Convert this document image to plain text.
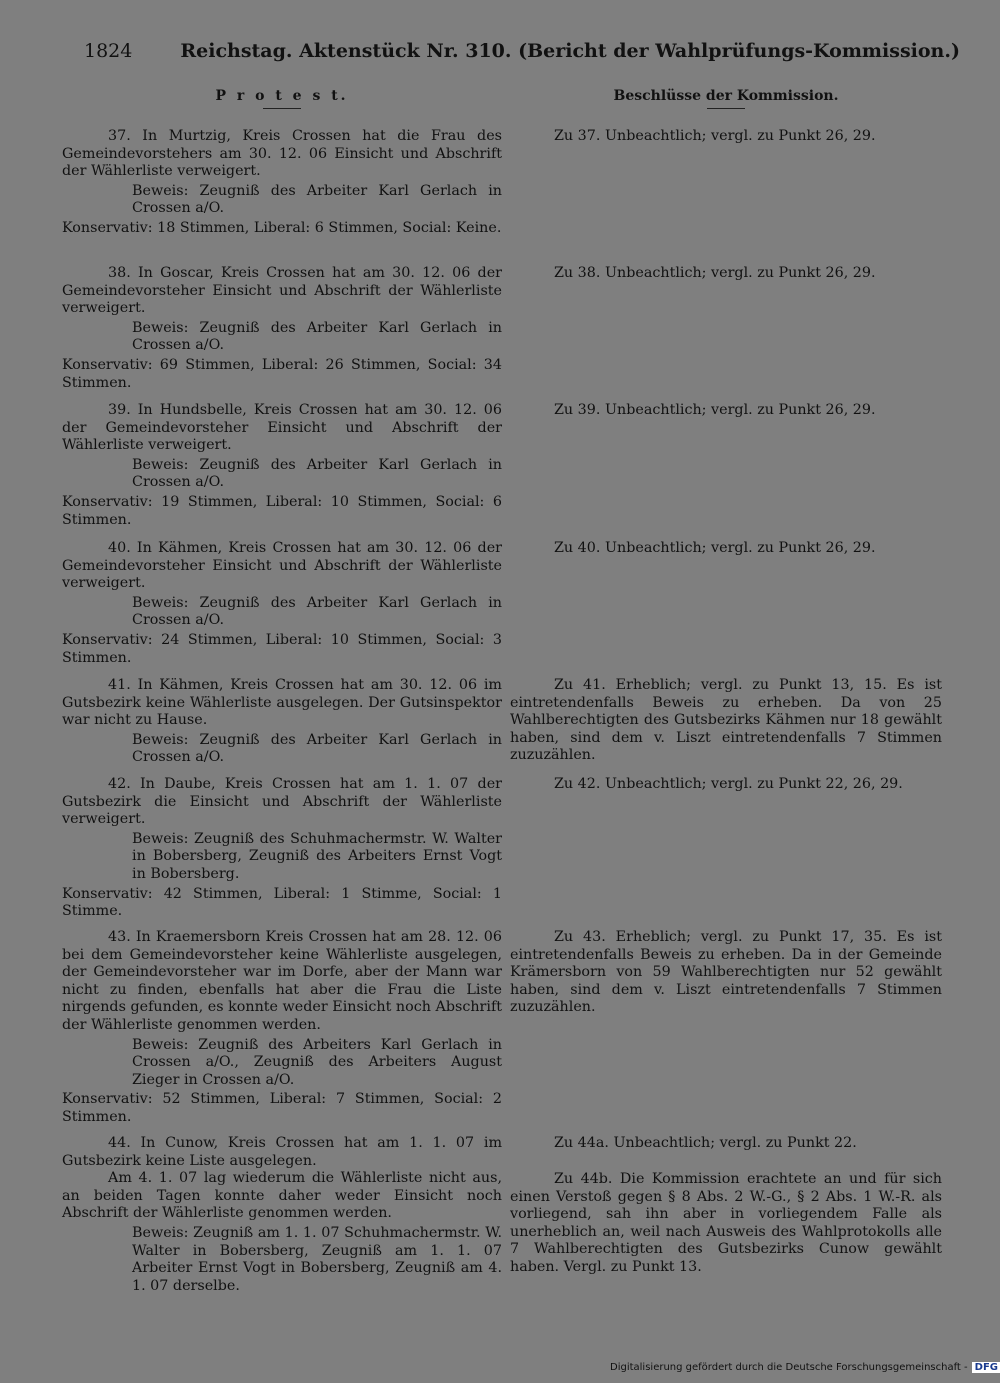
1824	Reichstag. Aktenstück Nr. 310. (Bericht der Wahlprüfungs-Kommission.)
P r o t e s t.

37. In Murtzig, Kreis Crossen hat die Frau des Gemeindevorstehers am 30. 12. 06 Einsicht und Abschrift der Wählerliste verweigert.

Beweis: Zeugniß des Arbeiter Karl Gerlach in Crossen a/O.

Konservativ: 18 Stimmen, Liberal: 6 Stimmen, Social: Keine.

38. In Goscar, Kreis Crossen hat am 30. 12. 06 der Gemeindevorsteher Einsicht und Abschrift der Wählerliste verweigert.

Beweis: Zeugniß des Arbeiter Karl Gerlach in Crossen a/O.

Konservativ: 69 Stimmen, Liberal: 26 Stimmen, Social: 34 Stimmen.

39. In Hundsbelle, Kreis Crossen hat am 30. 12. 06 der Gemeindevorsteher Einsicht und Abschrift der Wählerliste verweigert.

Beweis: Zeugniß des Arbeiter Karl Gerlach in Crossen a/O.

Konservativ: 19 Stimmen, Liberal: 10 Stimmen, Social: 6 Stimmen.

40. In Kähmen, Kreis Crossen hat am 30. 12. 06 der Gemeindevorsteher Einsicht und Abschrift der Wählerliste verweigert.

Beweis: Zeugniß des Arbeiter Karl Gerlach in Crossen a/O.

Konservativ: 24 Stimmen, Liberal: 10 Stimmen, Social: 3 Stimmen.

41. In Kähmen, Kreis Crossen hat am 30. 12. 06 im Gutsbezirk keine Wählerliste ausgelegen. Der Gutsinspektor war nicht zu Hause.

Beweis: Zeugniß des Arbeiter Karl Gerlach in Crossen a/O.

42. In Daube, Kreis Crossen hat am 1. 1. 07 der Gutsbezirk die Einsicht und Abschrift der Wählerliste verweigert.

Beweis: Zeugniß des Schuhmachermstr. W. Walter in Bobersberg, Zeugniß des Arbeiters Ernst Vogt in Bobersberg.

Konservativ: 42 Stimmen, Liberal: 1 Stimme, Social: 1 Stimme.

43. In Kraemersborn Kreis Crossen hat am 28. 12. 06 bei dem Gemeindevorsteher keine Wählerliste ausgelegen, der Gemeindevorsteher war im Dorfe, aber der Mann war nicht zu finden, ebenfalls hat aber die Frau die Liste nirgends gefunden, es konnte weder Einsicht noch Abschrift der Wählerliste genommen werden.

Beweis: Zeugniß des Arbeiters Karl Gerlach in Crossen a/O., Zeugniß des Arbeiters August Zieger in Crossen a/O.

Konservativ: 52 Stimmen, Liberal: 7 Stimmen, Social: 2 Stimmen.

44. In Cunow, Kreis Crossen hat am 1. 1. 07 im Gutsbezirk keine Liste ausgelegen.

Am 4. 1. 07 lag wiederum die Wählerliste nicht aus, an beiden Tagen konnte daher weder Einsicht noch Abschrift der Wählerliste genommen werden.

Beweis: Zeugniß am 1. 1. 07 Schuhmachermstr. W. Walter in Bobersberg, Zeugniß am 1. 1. 07 Arbeiter Ernst Vogt in Bobersberg, Zeugniß am 4. 1. 07 derselbe.

Beschlüsse der Kommission.

Zu 37. Unbeachtlich; vergl. zu Punkt 26, 29.

Zu 38. Unbeachtlich; vergl. zu Punkt 26, 29.

Zu 39. Unbeachtlich; vergl. zu Punkt 26, 29.

Zu 40. Unbeachtlich; vergl. zu Punkt 26, 29.

Zu 41. Erheblich; vergl. zu Punkt 13, 15. Es ist eintretendenfalls Beweis zu erheben. Da von 25 Wahlberechtigten des Gutsbezirks Kähmen nur 18 gewählt haben, sind dem v. Liszt eintretendenfalls 7 Stimmen zuzuzählen.

Zu 42. Unbeachtlich; vergl. zu Punkt 22, 26, 29.

Zu 43. Erheblich; vergl. zu Punkt 17, 35. Es ist eintretendenfalls Beweis zu erheben. Da in der Gemeinde Krämersborn von 59 Wahlberechtigten nur 52 gewählt haben, sind dem v. Liszt eintretendenfalls 7 Stimmen zuzuzählen.

Zu 44a. Unbeachtlich; vergl. zu Punkt 22.

Zu 44b. Die Kommission erachtete an und für sich einen Verstoß gegen § 8 Abs. 2 W.-G., § 2 Abs. 1 W.-R. als vorliegend, sah ihn aber in vorliegendem Falle als unerheblich an, weil nach Ausweis des Wahlprotokolls alle 7 Wahlberechtigten des Gutsbezirks Cunow gewählt haben. Vergl. zu Punkt 13.

Digitalisierung gefördert durch die Deutsche Forschungsgemeinschaft - DFG
